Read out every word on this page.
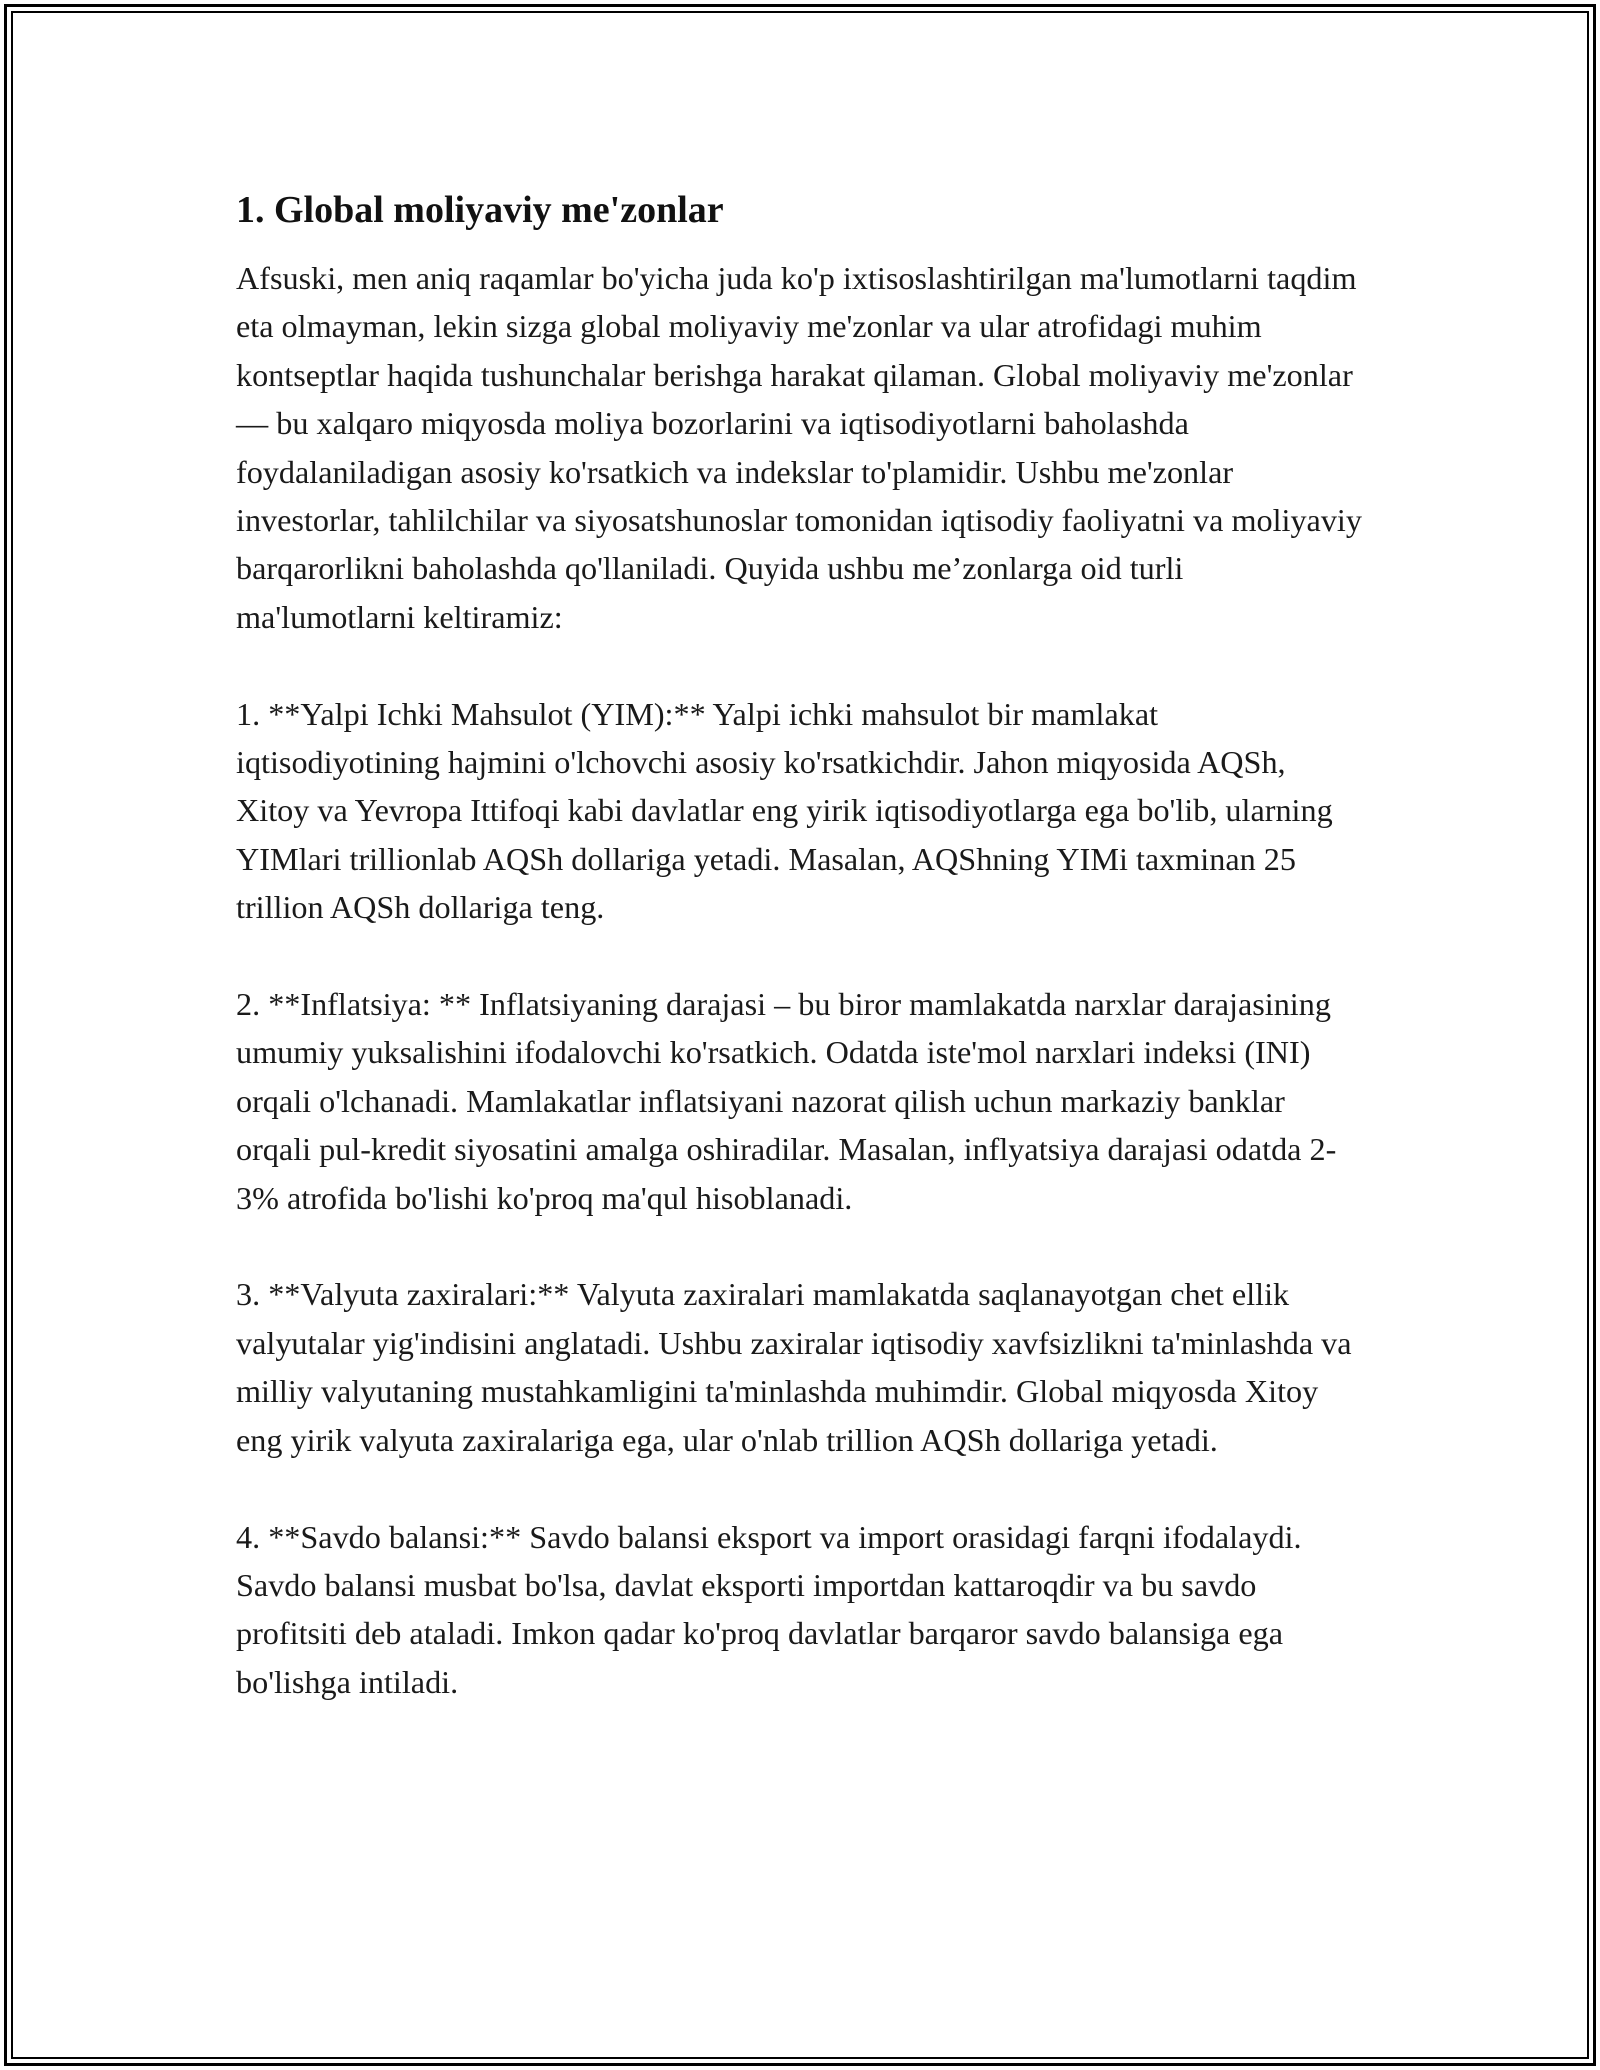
1. Global moliyaviy me'zonlar

Afsuski, men aniq raqamlar bo'yicha juda ko'p ixtisoslashtirilgan ma'lumotlarni taqdim eta olmayman, lekin sizga global moliyaviy me'zonlar va ular atrofidagi muhim kontseptlar haqida tushunchalar berishga harakat qilaman. Global moliyaviy me'zonlar — bu xalqaro miqyosda moliya bozorlarini va iqtisodiyotlarni baholashda foydalaniladigan asosiy ko'rsatkich va indekslar to'plamidir. Ushbu me'zonlar investorlar, tahlilchilar va siyosatshunoslar tomonidan iqtisodiy faoliyatni va moliyaviy barqarorlikni baholashda qo'llaniladi. Quyida ushbu me’zonlarga oid turli ma'lumotlarni keltiramiz:

1. **Yalpi Ichki Mahsulot (YIM):** Yalpi ichki mahsulot bir mamlakat iqtisodiyotining hajmini o'lchovchi asosiy ko'rsatkichdir. Jahon miqyosida AQSh, Xitoy va Yevropa Ittifoqi kabi davlatlar eng yirik iqtisodiyotlarga ega bo'lib, ularning YIMlari trillionlab AQSh dollariga yetadi. Masalan, AQShning YIMi taxminan 25 trillion AQSh dollariga teng.

2. **Inflatsiya: ** Inflatsiyaning darajasi – bu biror mamlakatda narxlar darajasining umumiy yuksalishini ifodalovchi ko'rsatkich. Odatda iste'mol narxlari indeksi (INI) orqali o'lchanadi. Mamlakatlar inflatsiyani nazorat qilish uchun markaziy banklar orqali pul-kredit siyosatini amalga oshiradilar. Masalan, inflyatsiya darajasi odatda 2-3% atrofida bo'lishi ko'proq ma'qul hisoblanadi.

3. **Valyuta zaxiralari:** Valyuta zaxiralari mamlakatda saqlanayotgan chet ellik valyutalar yig'indisini anglatadi. Ushbu zaxiralar iqtisodiy xavfsizlikni ta'minlashda va milliy valyutaning mustahkamligini ta'minlashda muhimdir. Global miqyosda Xitoy eng yirik valyuta zaxiralariga ega, ular o'nlab trillion AQSh dollariga yetadi.

4. **Savdo balansi:** Savdo balansi eksport va import orasidagi farqni ifodalaydi. Savdo balansi musbat bo'lsa, davlat eksporti importdan kattaroqdir va bu savdo profitsiti deb ataladi. Imkon qadar ko'proq davlatlar barqaror savdo balansiga ega bo'lishga intiladi.
